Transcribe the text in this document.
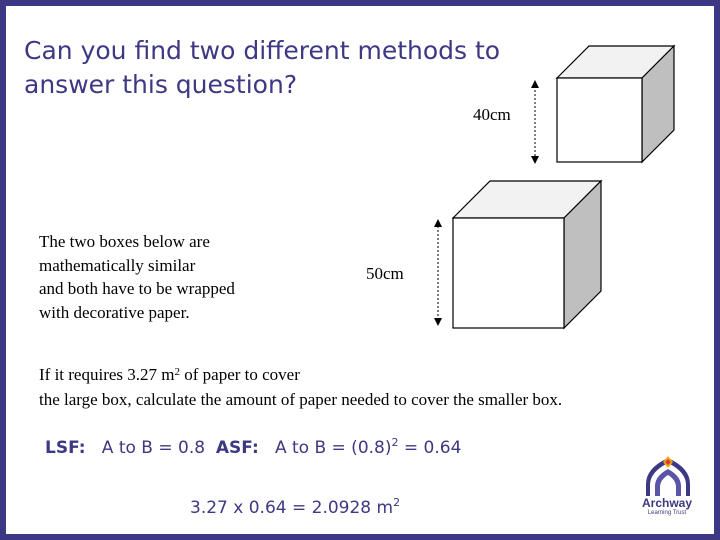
Can you find two different methods to answer this question?
40cm
50cm
The two boxes below are
mathematically similar
and both have to be wrapped
with decorative paper.
If it requires 3.27 $m^2$ of paper to cover
the large box, calculate the amount of paper needed to cover the smaller box.
LSF: A to B = 0.8 ASF: A to $B = (0.8)^2 = 0.64$
3.27 x 0.64 = 2.0928 $m^2$	Archway
Learning Trust
